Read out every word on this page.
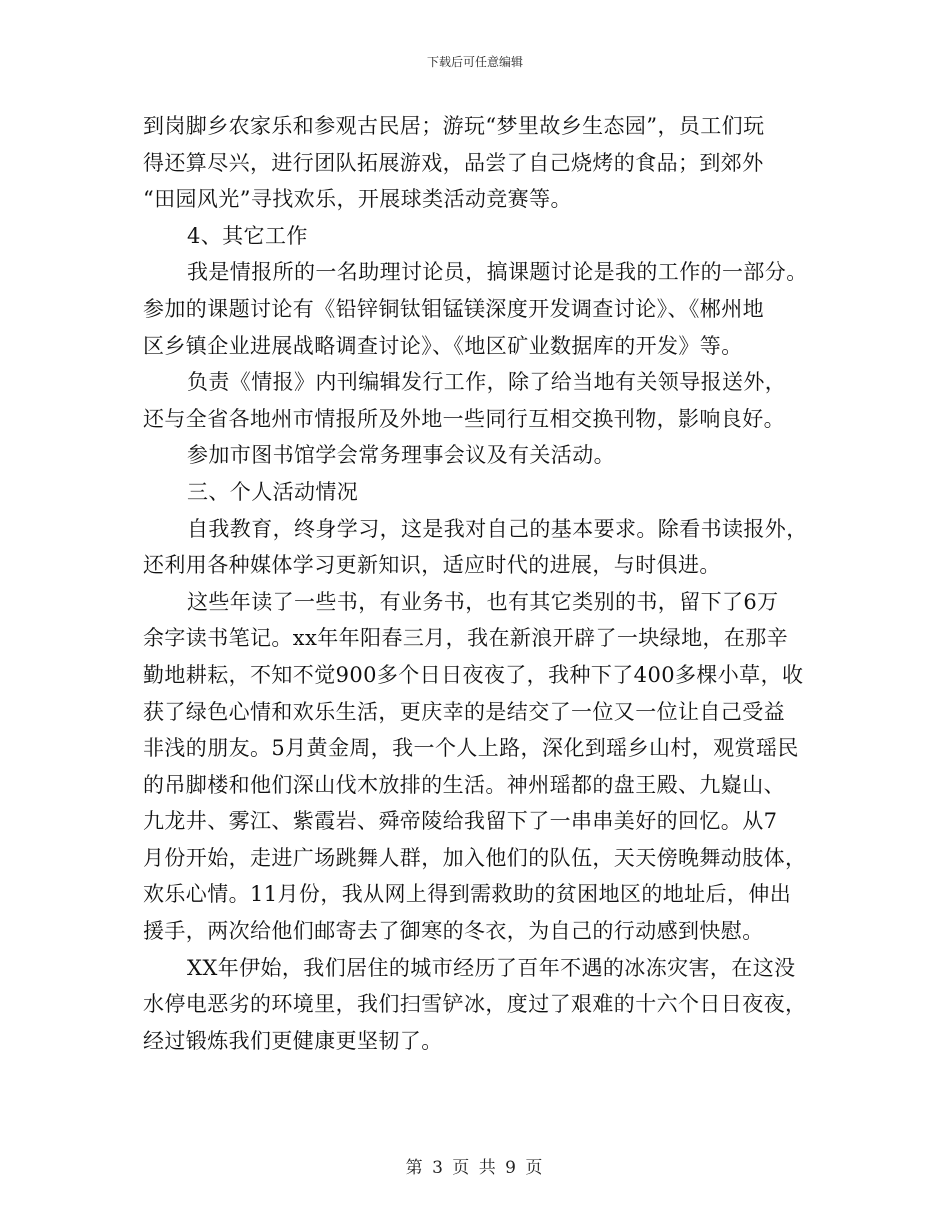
下载后可任意编辑
到岗脚乡农家乐和参观古民居；游玩“梦里故乡生态园”，员工们玩
得还算尽兴，进行团队拓展游戏，品尝了自己烧烤的食品；到郊外
“田园风光”寻找欢乐，开展球类活动竞赛等。
4、其它工作
我是情报所的一名助理讨论员，搞课题讨论是我的工作的一部分。
参加的课题讨论有《铅锌铜钛钼锰镁深度开发调查讨论》、《郴州地
区乡镇企业进展战略调查讨论》、《地区矿业数据库的开发》等。
负责《情报》内刊编辑发行工作，除了给当地有关领导报送外，
还与全省各地州市情报所及外地一些同行互相交换刊物，影响良好。
参加市图书馆学会常务理事会议及有关活动。
三、个人活动情况
自我教育，终身学习，这是我对自己的基本要求。除看书读报外，
还利用各种媒体学习更新知识，适应时代的进展，与时俱进。
这些年读了一些书，有业务书，也有其它类别的书，留下了6万
余字读书笔记。xx年年阳春三月，我在新浪开辟了一块绿地，在那辛
勤地耕耘，不知不觉900多个日日夜夜了，我种下了400多棵小草，收
获了绿色心情和欢乐生活，更庆幸的是结交了一位又一位让自己受益
非浅的朋友。5月黄金周，我一个人上路，深化到瑶乡山村，观赏瑶民
的吊脚楼和他们深山伐木放排的生活。神州瑶都的盘王殿、九嶷山、
九龙井、雾江、紫霞岩、舜帝陵给我留下了一串串美好的回忆。从7
月份开始，走进广场跳舞人群，加入他们的队伍，天天傍晚舞动肢体，
欢乐心情。11月份，我从网上得到需救助的贫困地区的地址后，伸出
援手，两次给他们邮寄去了御寒的冬衣，为自己的行动感到快慰。
XX年伊始，我们居住的城市经历了百年不遇的冰冻灾害，在这没
水停电恶劣的环境里，我们扫雪铲冰，度过了艰难的十六个日日夜夜，
经过锻炼我们更健康更坚韧了。
第 3 页 共 9 页
